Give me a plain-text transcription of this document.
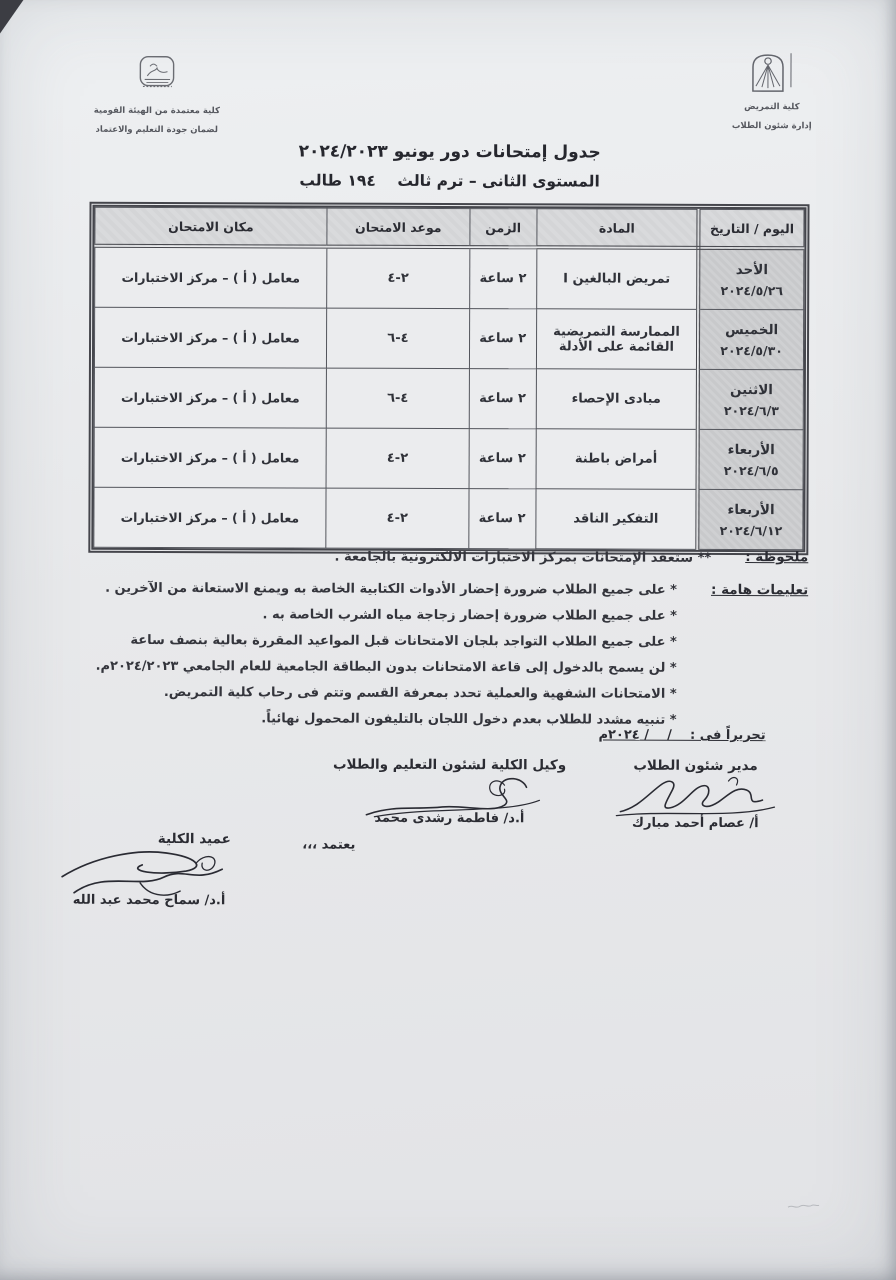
كلية معتمدة من الهيئة القومية
لضمان جودة التعليم والاعتماد
كلية التمريض
إدارة شئون الطلاب
جدول إمتحانات دور يونيو ٢٠٢٤/٢٠٢٣
المستوى الثانى – ترم ثالث    ١٩٤ طالب
اليوم / التاريخ	المادة	الزمن	موعد الامتحان	مكان الامتحان

الأحد
٢٠٢٤/٥/٢٦	تمريض البالغين I	٢ ساعة	٢-٤	معامل ( أ ) – مركز الاختبارات

الخميس
٢٠٢٤/٥/٣٠	الممارسة التمريضية القائمة على الأدلة	٢ ساعة	٤-٦	معامل ( أ ) – مركز الاختبارات

الاثنين
٢٠٢٤/٦/٣	مبادى الإحصاء	٢ ساعة	٤-٦	معامل ( أ ) – مركز الاختبارات

الأربعاء
٢٠٢٤/٦/٥	أمراض باطنة	٢ ساعة	٢-٤	معامل ( أ ) – مركز الاختبارات

الأربعاء
٢٠٢٤/٦/١٢	التفكير الناقد	٢ ساعة	٢-٤	معامل ( أ ) – مركز الاختبارات
ملحوظة :
** ستعقد الإمتحانات بمركز الاختبارات الالكترونية بالجامعة .
تعليمات هامة :
* على جميع الطلاب ضرورة إحضار الأدوات الكتابية الخاصة به ويمنع الاستعانة من الآخرين .
* على جميع الطلاب ضرورة إحضار زجاجة مياه الشرب الخاصة به .
* على جميع الطلاب التواجد بلجان الامتحانات قبل المواعيد المقررة بعالية بنصف ساعة
* لن يسمح بالدخول إلى قاعة الامتحانات بدون البطاقة الجامعية للعام الجامعي ٢٠٢٤/٢٠٢٣م.
* الامتحانات الشفهية والعملية تحدد بمعرفة القسم وتتم فى رحاب كلية التمريض.
* تنبيه مشدد للطلاب بعدم دخول اللجان بالتليفون المحمول نهائياً.
تحريراً فى :    /    / ٢٠٢٤م
مدير شئون الطلاب
أ/ عصام أحمد مبارك
وكيل الكلية لشئون التعليم والطلاب
أ.د/ فاطمة رشدى محمد
يعتمد ،،،
عميد الكلية
أ.د/ سماح محمد عبد الله
